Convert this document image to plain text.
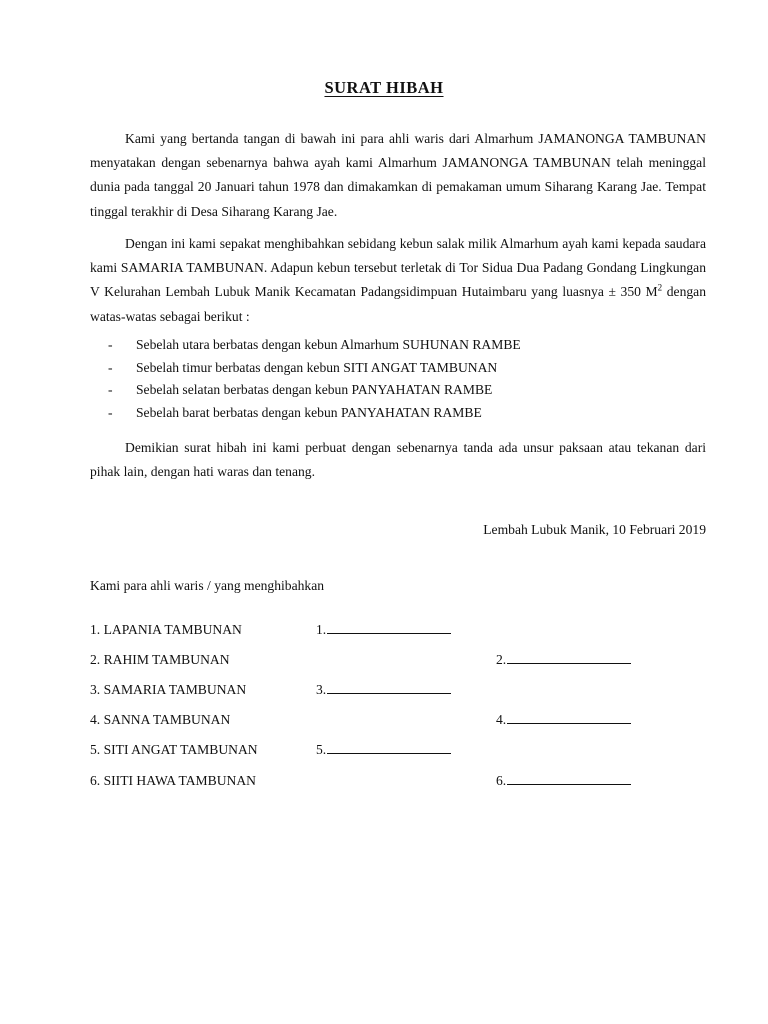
SURAT HIBAH

Kami yang bertanda tangan di bawah ini para ahli waris dari Almarhum JAMANONGA TAMBUNAN menyatakan dengan sebenarnya bahwa ayah kami Almarhum JAMANONGA TAMBUNAN telah meninggal dunia pada tanggal 20 Januari tahun 1978 dan dimakamkan di pemakaman umum Siharang Karang Jae. Tempat tinggal terakhir di Desa Siharang Karang Jae.

Dengan ini kami sepakat menghibahkan sebidang kebun salak milik Almarhum ayah kami kepada saudara kami SAMARIA TAMBUNAN. Adapun kebun tersebut terletak di Tor Sidua Dua Padang Gondang Lingkungan V Kelurahan Lembah Lubuk Manik Kecamatan Padangsidimpuan Hutaimbaru yang luasnya ± 350 $M^2$ dengan watas-watas sebagai berikut :

- Sebelah utara berbatas dengan kebun Almarhum SUHUNAN RAMBE
- Sebelah timur berbatas dengan kebun SITI ANGAT TAMBUNAN
- Sebelah selatan berbatas dengan kebun PANYAHATAN RAMBE
- Sebelah barat berbatas dengan kebun PANYAHATAN RAMBE

Demikian surat hibah ini kami perbuat dengan sebenarnya tanda ada unsur paksaan atau tekanan dari pihak lain, dengan hati waras dan tenang.

Lembah Lubuk Manik, 10 Februari 2019
Kami para ahli waris / yang menghibahkan
1. LAPANIA TAMBUNAN	1.
2. RAHIM TAMBUNAN	2.
3. SAMARIA TAMBUNAN	3.
4. SANNA TAMBUNAN	4.
5. SITI ANGAT TAMBUNAN	5.
6. SIITI HAWA TAMBUNAN	6.
